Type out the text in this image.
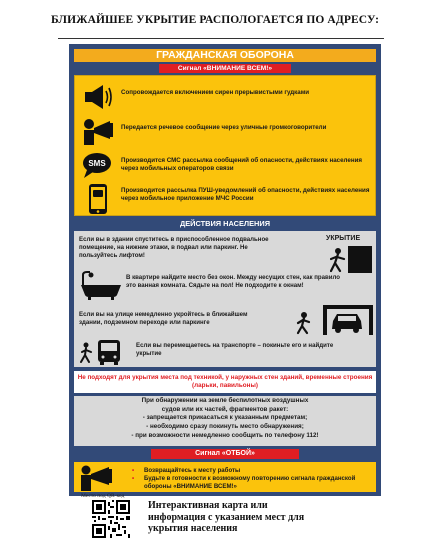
БЛИЖАЙШЕЕ УКРЫТИЕ РАСПОЛОГАЕТСЯ ПО АДРЕСУ:
ГРАЖДАНСКАЯ ОБОРОНА
Сигнал «ВНИМАНИЕ ВСЕМ!»
Сопровождается включением сирен прерывистыми гудками
Передается речевое сообщение через уличные громкоговорители
SMS Производится СМС рассылка сообщений об опасности, действиях населения через мобильных операторов связи
Производится рассылка ПУШ-уведомлений об опасности, действиях населения через мобильное приложение МЧС России
ДЕЙСТВИЯ НАСЕЛЕНИЯ
Если вы в здании спуститесь в приспособленное подвальное помещение, на нижние этажи, в подвал или паркинг. Не пользуйтесь лифтом!
УКРЫТИЕ
В квартире найдите место без окон. Между несущих стен, как правило это ванная комната. Сядьте на пол! Не подходите к окнам!
Если вы на улице немедленно укройтесь в ближайшем здании, подземном переходе или паркинге
Если вы перемещаетесь на транспорте – покиньте его и найдите укрытие
Не подходят для укрытия места под техникой, у наружных стен зданий, временные строения (ларьки, павильоны)
При обнаружении на земле беспилотных воздушных
судов или их частей, фрагментов ракет:
- запрещается прикасаться к указанным предметам;
- необходимо сразу покинуть место обнаружения;
- при возможности немедленно сообщить по телефону 112!
Сигнал «ОТБОЙ»
•	Возвращайтесь к месту работы
•	Будьте в готовности к возможному повторению сигнала гражданской обороны «ВНИМАНИЕ ВСЕМ!»
Место под QR-код
Интерактивная карта или информация с указанием мест для укрытия населения
